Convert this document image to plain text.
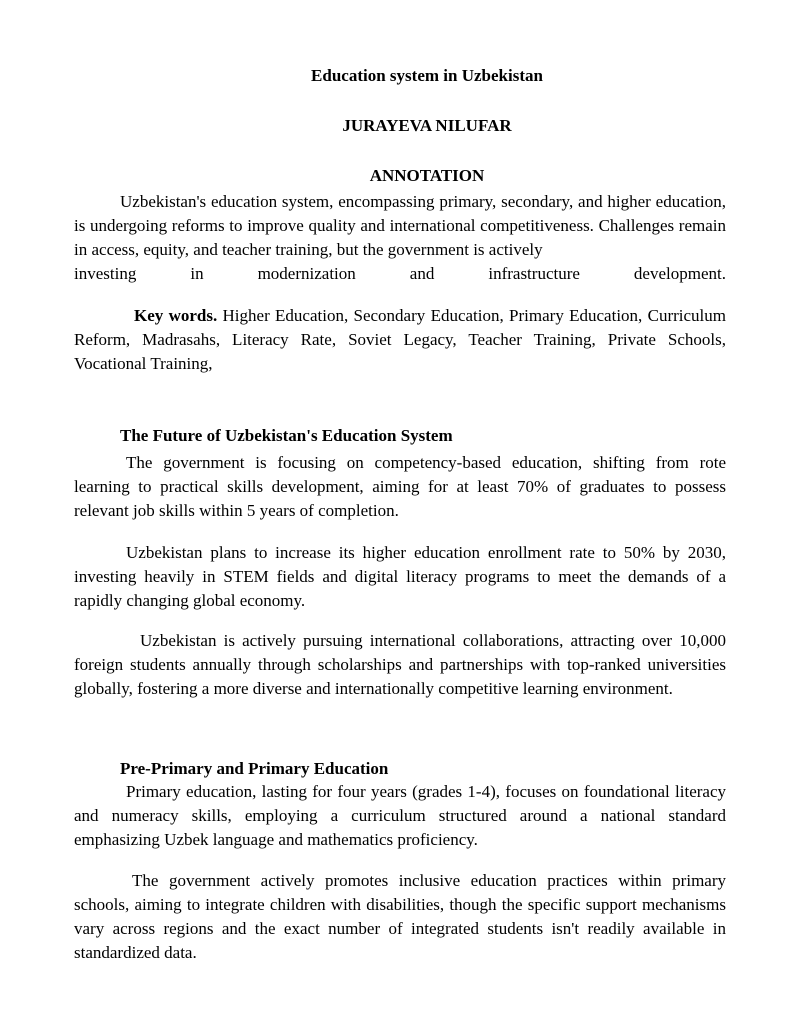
Education system in Uzbekistan
JURAYEVA NILUFAR
ANNOTATION

Uzbekistan's education system, encompassing primary, secondary, and higher education, is undergoing reforms to improve quality and international competitiveness. Challenges remain in access, equity, and teacher training, but the government is actively

investing in modernization and infrastructure development.

Key words. Higher Education, Secondary Education, Primary Education, Curriculum Reform, Madrasahs, Literacy Rate, Soviet Legacy, Teacher Training, Private Schools, Vocational Training,

The Future of Uzbekistan's Education System

The government is focusing on competency-based education, shifting from rote learning to practical skills development, aiming for at least 70% of graduates to possess relevant job skills within 5 years of completion.

Uzbekistan plans to increase its higher education enrollment rate to 50% by 2030, investing heavily in STEM fields and digital literacy programs to meet the demands of a rapidly changing global economy.

Uzbekistan is actively pursuing international collaborations, attracting over 10,000 foreign students annually through scholarships and partnerships with top-ranked universities globally, fostering a more diverse and internationally competitive learning environment.

Pre-Primary and Primary Education

Primary education, lasting for four years (grades 1-4), focuses on foundational literacy and numeracy skills, employing a curriculum structured around a national standard emphasizing Uzbek language and mathematics proficiency.

The government actively promotes inclusive education practices within primary schools, aiming to integrate children with disabilities, though the specific support mechanisms vary across regions and the exact number of integrated students isn't readily available in standardized data.
